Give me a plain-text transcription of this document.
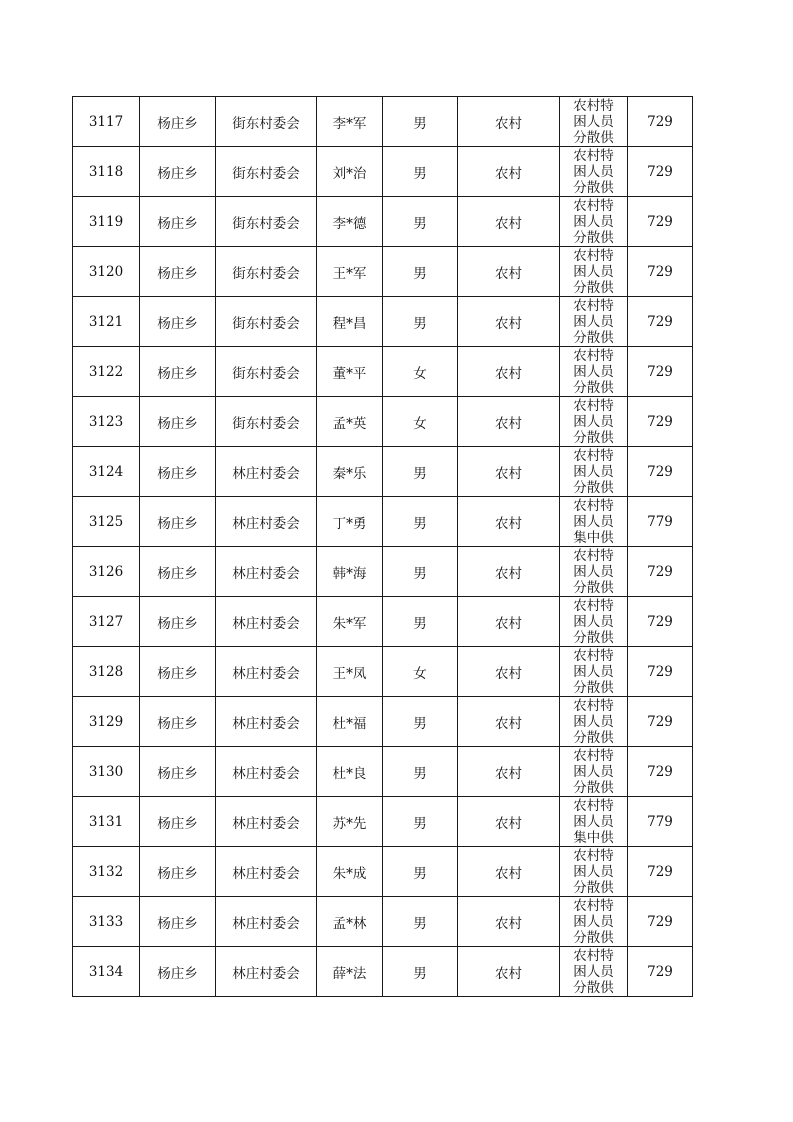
3117	杨庄乡	街东村委会	李*军	男	农村	农村特困人员分散供	729
3118	杨庄乡	街东村委会	刘*治	男	农村	农村特困人员分散供	729
3119	杨庄乡	街东村委会	李*德	男	农村	农村特困人员分散供	729
3120	杨庄乡	街东村委会	王*军	男	农村	农村特困人员分散供	729
3121	杨庄乡	街东村委会	程*昌	男	农村	农村特困人员分散供	729
3122	杨庄乡	街东村委会	董*平	女	农村	农村特困人员分散供	729
3123	杨庄乡	街东村委会	孟*英	女	农村	农村特困人员分散供	729
3124	杨庄乡	林庄村委会	秦*乐	男	农村	农村特困人员分散供	729
3125	杨庄乡	林庄村委会	丁*勇	男	农村	农村特困人员集中供	779
3126	杨庄乡	林庄村委会	韩*海	男	农村	农村特困人员分散供	729
3127	杨庄乡	林庄村委会	朱*军	男	农村	农村特困人员分散供	729
3128	杨庄乡	林庄村委会	王*凤	女	农村	农村特困人员分散供	729
3129	杨庄乡	林庄村委会	杜*福	男	农村	农村特困人员分散供	729
3130	杨庄乡	林庄村委会	杜*良	男	农村	农村特困人员分散供	729
3131	杨庄乡	林庄村委会	苏*先	男	农村	农村特困人员集中供	779
3132	杨庄乡	林庄村委会	朱*成	男	农村	农村特困人员分散供	729
3133	杨庄乡	林庄村委会	孟*林	男	农村	农村特困人员分散供	729
3134	杨庄乡	林庄村委会	薛*法	男	农村	农村特困人员分散供	729
